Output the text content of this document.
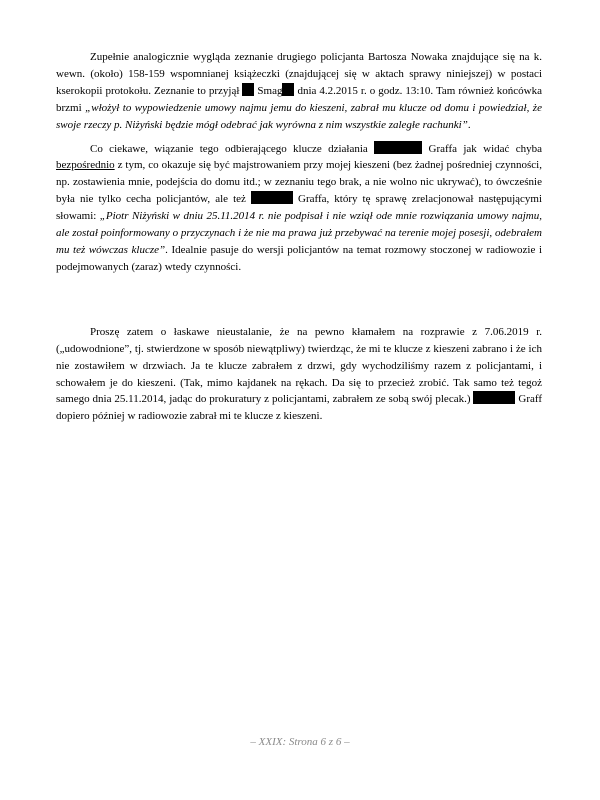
Zupełnie analogicznie wygląda zeznanie drugiego policjanta Bartosza Nowaka znajdujące się na k. wewn. (około) 158-159 wspomnianej książeczki (znajdującej się w aktach sprawy niniejszej) w postaci kserokopii protokołu. Zeznanie to przyjął  Smag dnia 4.2.2015 r. o godz. 13:10. Tam również końcówka brzmi „włożył to wypowiedzenie umowy najmu jemu do kieszeni, zabrał mu klucze od domu i powiedział, że swoje rzeczy p. Niżyński będzie mógł odebrać jak wyrówna z nim wszystkie zaległe rachunki”.

Co ciekawe, wiązanie tego odbierającego klucze działania	Graffa jak widać chyba bezpośrednio z tym, co okazuje się być majstrowaniem przy mojej kieszeni (bez żadnej pośredniej czynności, np. zostawienia mnie, podejścia do domu itd.; w zeznaniu tego brak, a nie wolno nic ukrywać), to ówcześnie była nie tylko cecha policjantów, ale też	Graffa, który tę sprawę zrelacjonował następującymi słowami: „Piotr Niżyński w dniu 25.11.2014 r. nie podpisał i nie wziął ode mnie rozwiązania umowy najmu, ale został poinformowany o przyczynach i że nie ma prawa już przebywać na terenie mojej posesji, odebrałem mu też wówczas klucze”. Idealnie pasuje do wersji policjantów na temat rozmowy stoczonej w radiowozie i podejmowanych (zaraz) wtedy czynności.

Proszę zatem o łaskawe nieustalanie, że na pewno kłamałem na rozprawie z 7.06.2019 r. („udowodnione”, tj. stwierdzone w sposób niewątpliwy) twierdząc, że mi te klucze z kieszeni zabrano i że ich nie zostawiłem w drzwiach. Ja te klucze zabrałem z drzwi, gdy wychodziliśmy razem z policjantami, i schowałem je do kieszeni. (Tak, mimo kajdanek na rękach. Da się to przecież zrobić. Tak samo też tegoż samego dnia 25.11.2014, jadąc do prokuratury z policjantami, zabrałem ze sobą swój plecak.)	Graff dopiero później w radiowozie zabrał mi te klucze z kieszeni.

– XXIX: Strona 6 z 6 –
